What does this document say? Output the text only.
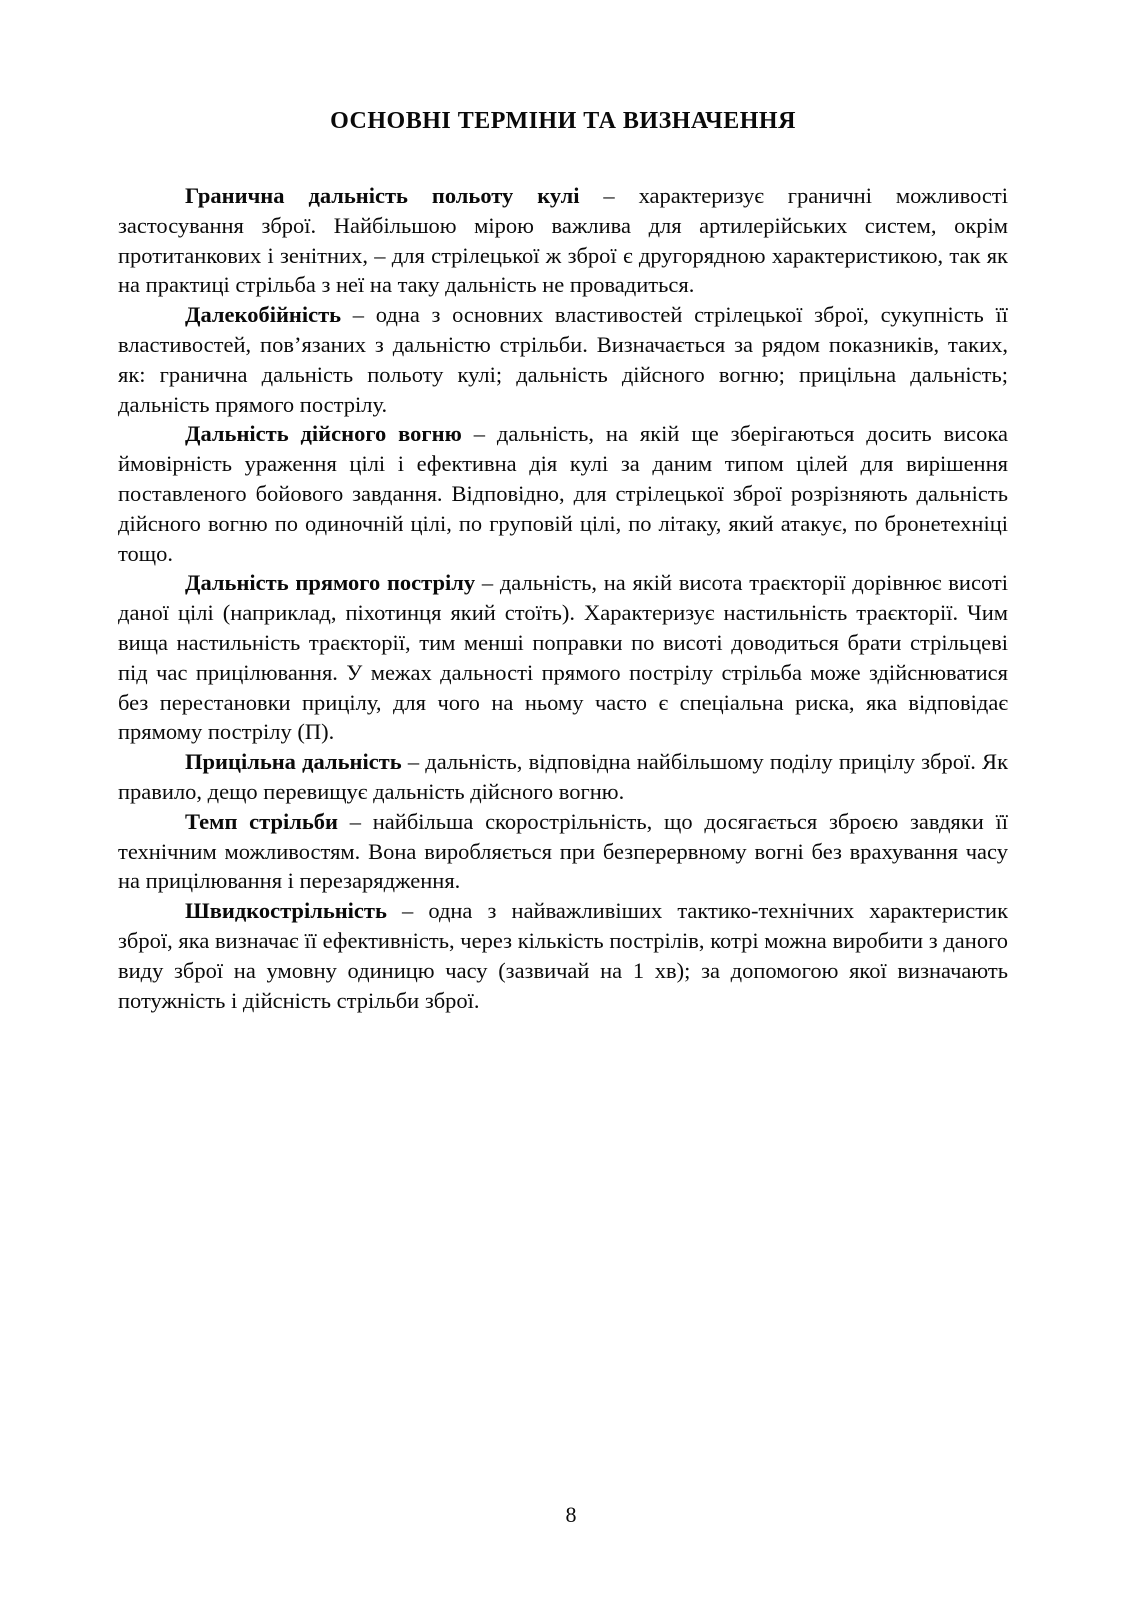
ОСНОВНІ ТЕРМІНИ ТА ВИЗНАЧЕННЯ

Гранична дальність польоту кулі – характеризує граничні можливості застосування зброї. Найбільшою мірою важлива для артилерійських систем, окрім протитанкових і зенітних, – для стрілецької ж зброї є другорядною характеристикою, так як на практиці стрільба з неї на таку дальність не провадиться.

Далекобійність – одна з основних властивостей стрілецької зброї, сукупність її властивостей, пов’язаних з дальністю стрільби. Визначається за рядом показників, таких, як: гранична дальність польоту кулі; дальність дійсного вогню; прицільна дальність; дальність прямого пострілу.

Дальність дійсного вогню – дальність, на якій ще зберігаються досить висока ймовірність ураження цілі і ефективна дія кулі за даним типом цілей для вирішення поставленого бойового завдання. Відповідно, для стрілецької зброї розрізняють дальність дійсного вогню по одиночній цілі, по груповій цілі, по літаку, який атакує, по бронетехніці тощо.

Дальність прямого пострілу – дальність, на якій висота траєкторії дорівнює висоті даної цілі (наприклад, піхотинця який стоїть). Характеризує настильність траєкторії. Чим вища настильність траєкторії, тим менші поправки по висоті доводиться брати стрільцеві під час прицілювання. У межах дальності прямого пострілу стрільба може здійснюватися без перестановки прицілу, для чого на ньому часто є спеціальна риска, яка відповідає прямому пострілу (П).

Прицільна дальність – дальність, відповідна найбільшому поділу прицілу зброї. Як правило, дещо перевищує дальність дійсного вогню.

Темп стрільби – найбільша скорострільність, що досягається зброєю завдяки її технічним можливостям. Вона виробляється при безперервному вогні без врахування часу на прицілювання і перезарядження.

Швидкострільність – одна з найважливіших тактико-технічних характеристик зброї, яка визначає її ефективність, через кількість пострілів, котрі можна виробити з даного виду зброї на умовну одиницю часу (зазвичай на 1 хв); за допомогою якої визначають потужність і дійсність стрільби зброї.

8
